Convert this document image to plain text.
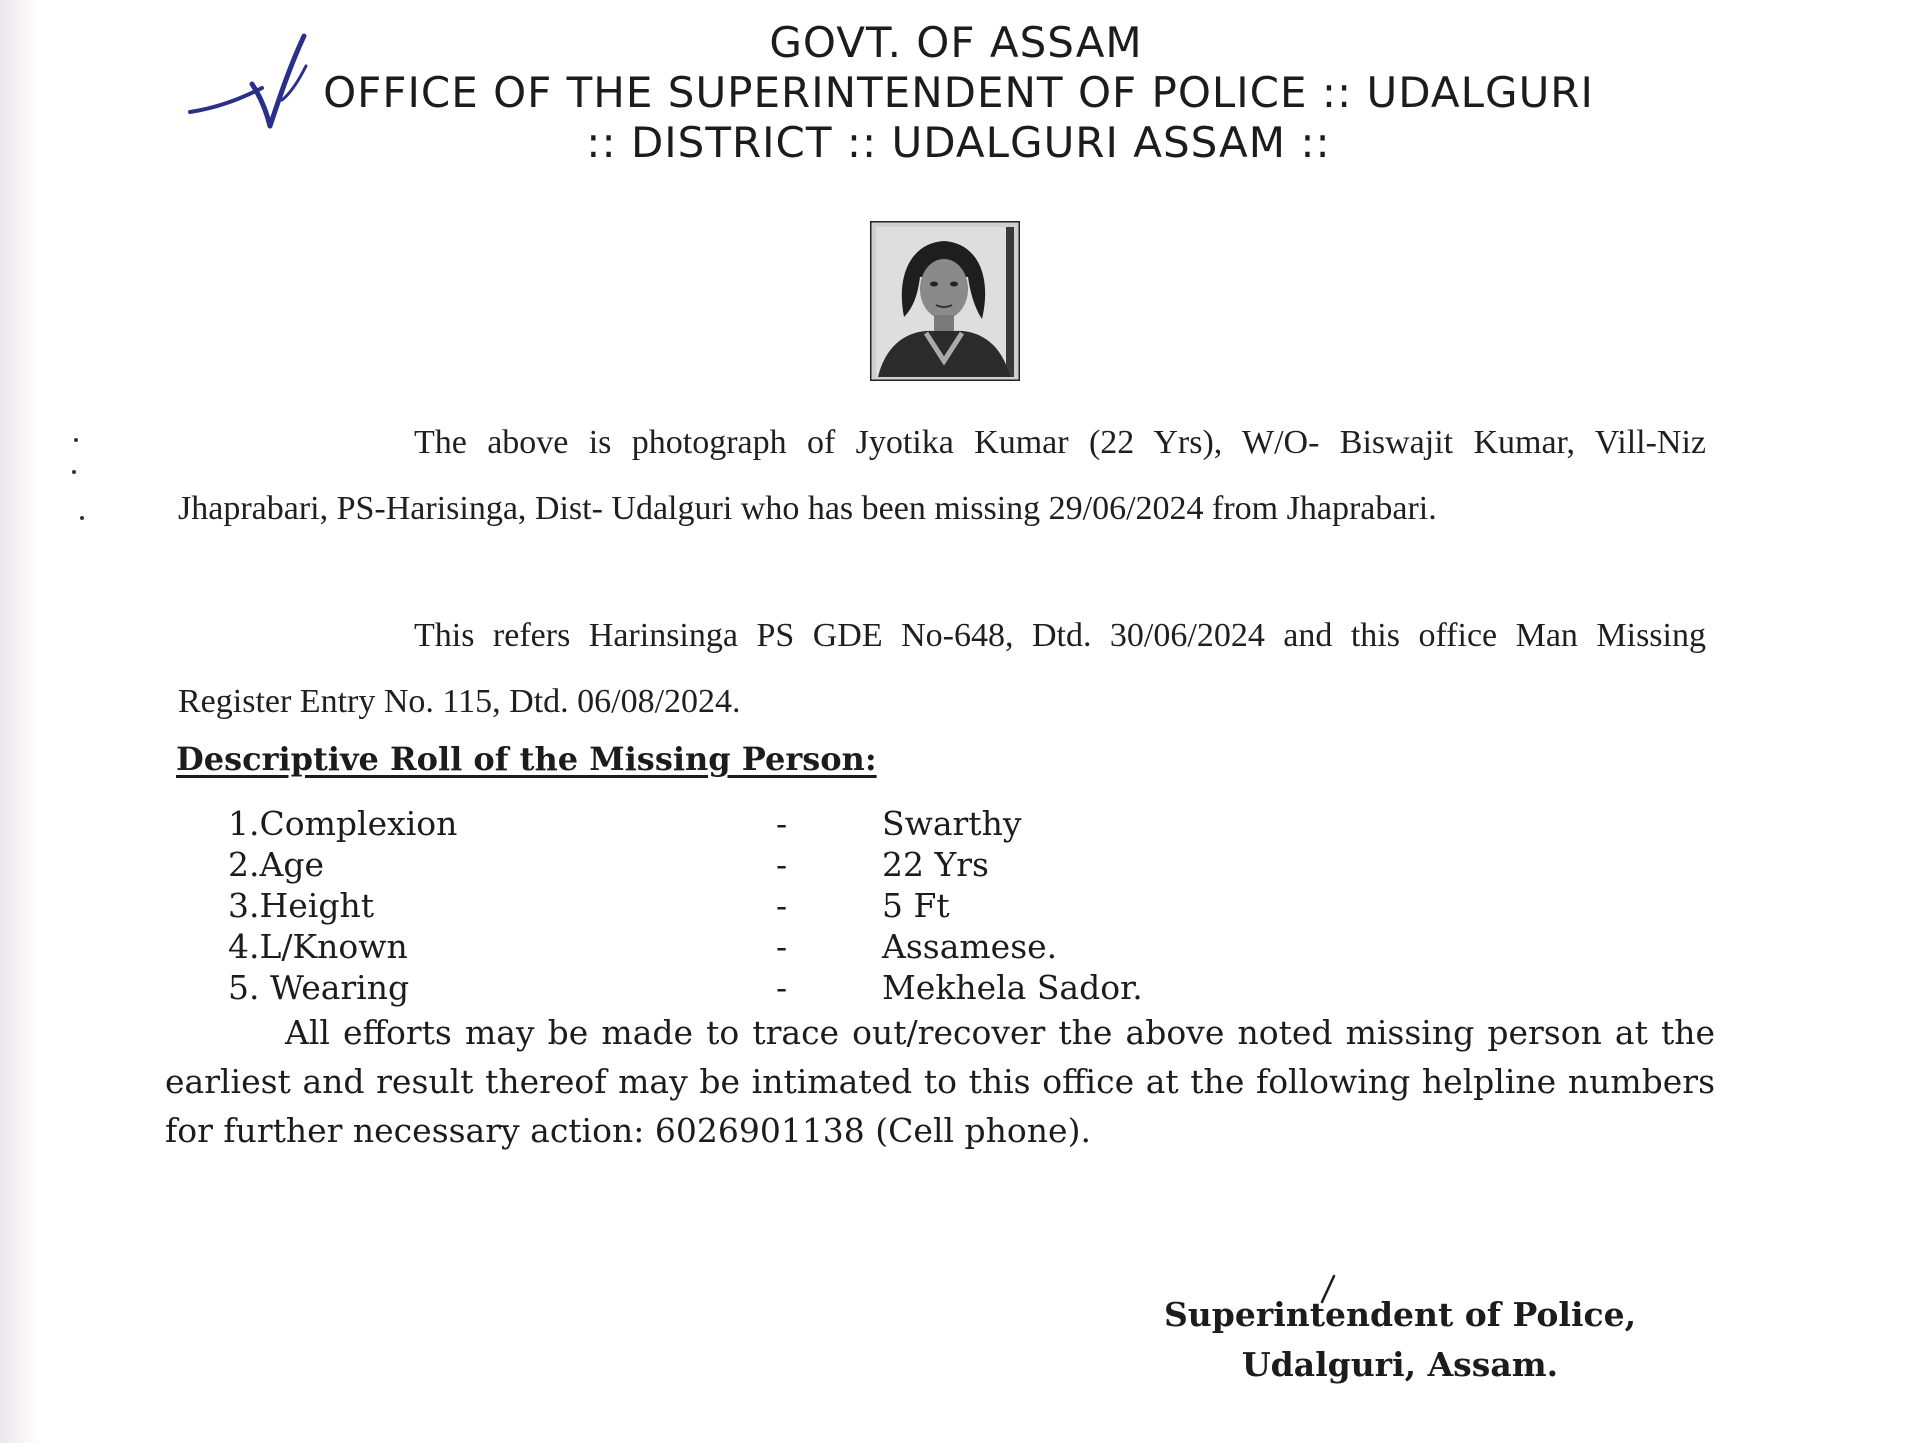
GOVT. OF ASSAM
OFFICE OF THE SUPERINTENDENT OF POLICE :: UDALGURI
:: DISTRICT :: UDALGURI ASSAM ::
The above is photograph of Jyotika Kumar (22 Yrs), W/O- Biswajit Kumar, Vill-Niz Jhaprabari, PS-Harisinga, Dist- Udalguri who has been missing 29/06/2024 from Jhaprabari.
This refers Harinsinga PS GDE No-648, Dtd. 30/06/2024 and this office Man Missing Register Entry No. 115, Dtd. 06/08/2024.
Descriptive Roll of the Missing Person:
1.Complexion	-	Swarthy
2.Age	-	22 Yrs
3.Height	-	5 Ft
4.L/Known	-	Assamese.
5. Wearing	-	Mekhela Sador.
All efforts may be made to trace out/recover the above noted missing person at the earliest and result thereof may be intimated to this office at the following helpline numbers for further necessary action: 6026901138 (Cell phone).
Superintendent of Police,
Udalguri, Assam.
